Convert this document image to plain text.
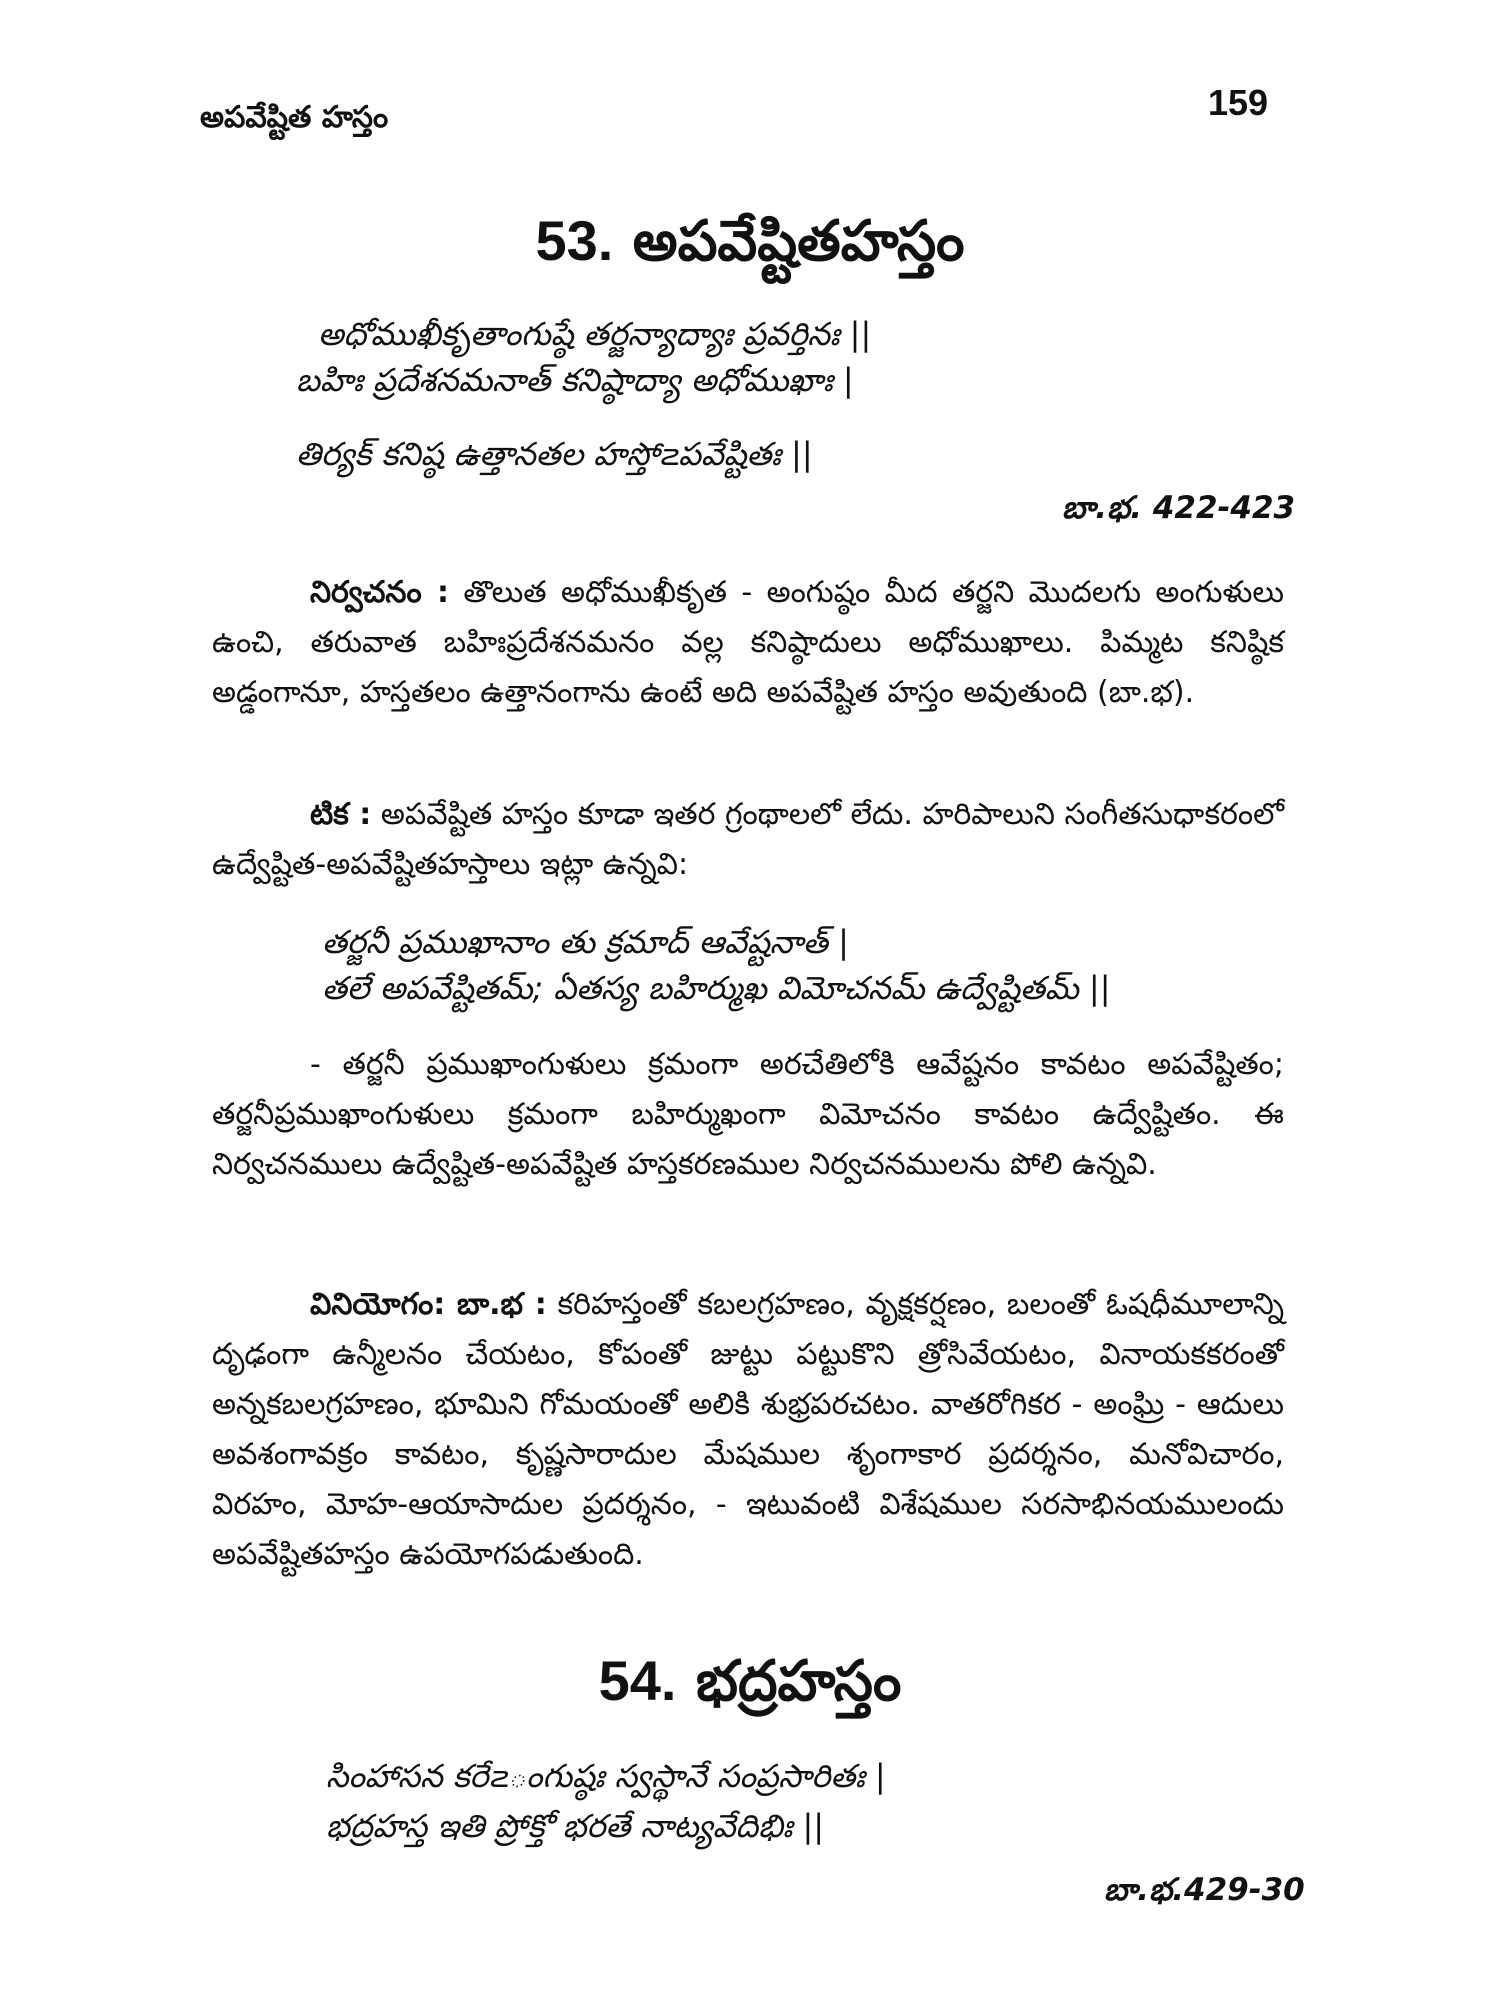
అపవేష్టిత హస్తం	159
53. అపవేష్టితహస్తం
అధోముఖీకృతాంగుష్ఠే తర్జన్యాద్యాః ప్రవర్తినః ||
బహిః ప్రదేశనమనాత్ కనిష్ఠాద్యా అధోముఖాః |
తిర్యక్ కనిష్ఠ ఉత్తానతల హస్తో౽పవేష్టితః ||
బా.భ. 422-423
నిర్వచనం : తొలుత అధోముఖీకృత - అంగుష్ఠం మీద తర్జని మొదలగు అంగుళులు ఉంచి, తరువాత బహిఃప్రదేశనమనం వల్ల కనిష్ఠాదులు అధోముఖాలు. పిమ్మట కనిష్ఠిక అడ్డంగానూ, హస్తతలం ఉత్తానంగాను ఉంటే అది అపవేష్టిత హస్తం అవుతుంది (బా.భ).
టిక : అపవేష్టిత హస్తం కూడా ఇతర గ్రంథాలలో లేదు. హరిపాలుని సంగీతసుధాకరంలో ఉద్వేష్టిత-అపవేష్టితహస్తాలు ఇట్లా ఉన్నవి:
తర్జనీ ప్రముఖానాం తు క్రమాద్ ఆవేష్టనాత్ |
తలే అపవేష్టితమ్; ఏతస్య బహిర్ముఖ విమోచనమ్ ఉద్వేష్టితమ్ ||
- తర్జనీ ప్రముఖాంగుళులు క్రమంగా అరచేతిలోకి ఆవేష్టనం కావటం అపవేష్టితం; తర్జనీప్రముఖాంగుళులు క్రమంగా బహిర్ముఖంగా విమోచనం కావటం ఉద్వేష్టితం. ఈ నిర్వచనములు ఉద్వేష్టిత-అపవేష్టిత హస్తకరణముల నిర్వచనములను పోలి ఉన్నవి.
వినియోగం: బా.భ : కరిహస్తంతో కబలగ్రహణం, వృక్షకర్షణం, బలంతో ఓషధీమూలాన్ని దృఢంగా ఉన్మీలనం చేయటం, కోపంతో జుట్టు పట్టుకొని త్రోసివేయటం, వినాయకకరంతో అన్నకబలగ్రహణం, భూమిని గోమయంతో అలికి శుభ్రపరచటం. వాతరోగికర - అంఘ్రి - ఆదులు అవశంగావక్రం కావటం, కృష్ణసారాదుల మేషముల శృంగాకార ప్రదర్శనం, మనోవిచారం, విరహం, మోహ-ఆయాసాదుల ప్రదర్శనం, - ఇటువంటి విశేషముల సరసాభినయములందు అపవేష్టితహస్తం ఉపయోగపడుతుంది.
54. భద్రహస్తం
సింహాసన కరే౽ంగుష్ఠః స్వస్థానే సంప్రసారితః |
భద్రహస్త ఇతి ప్రోక్తో భరతే నాట్యవేదిభిః ||
బా.భ.429-30
